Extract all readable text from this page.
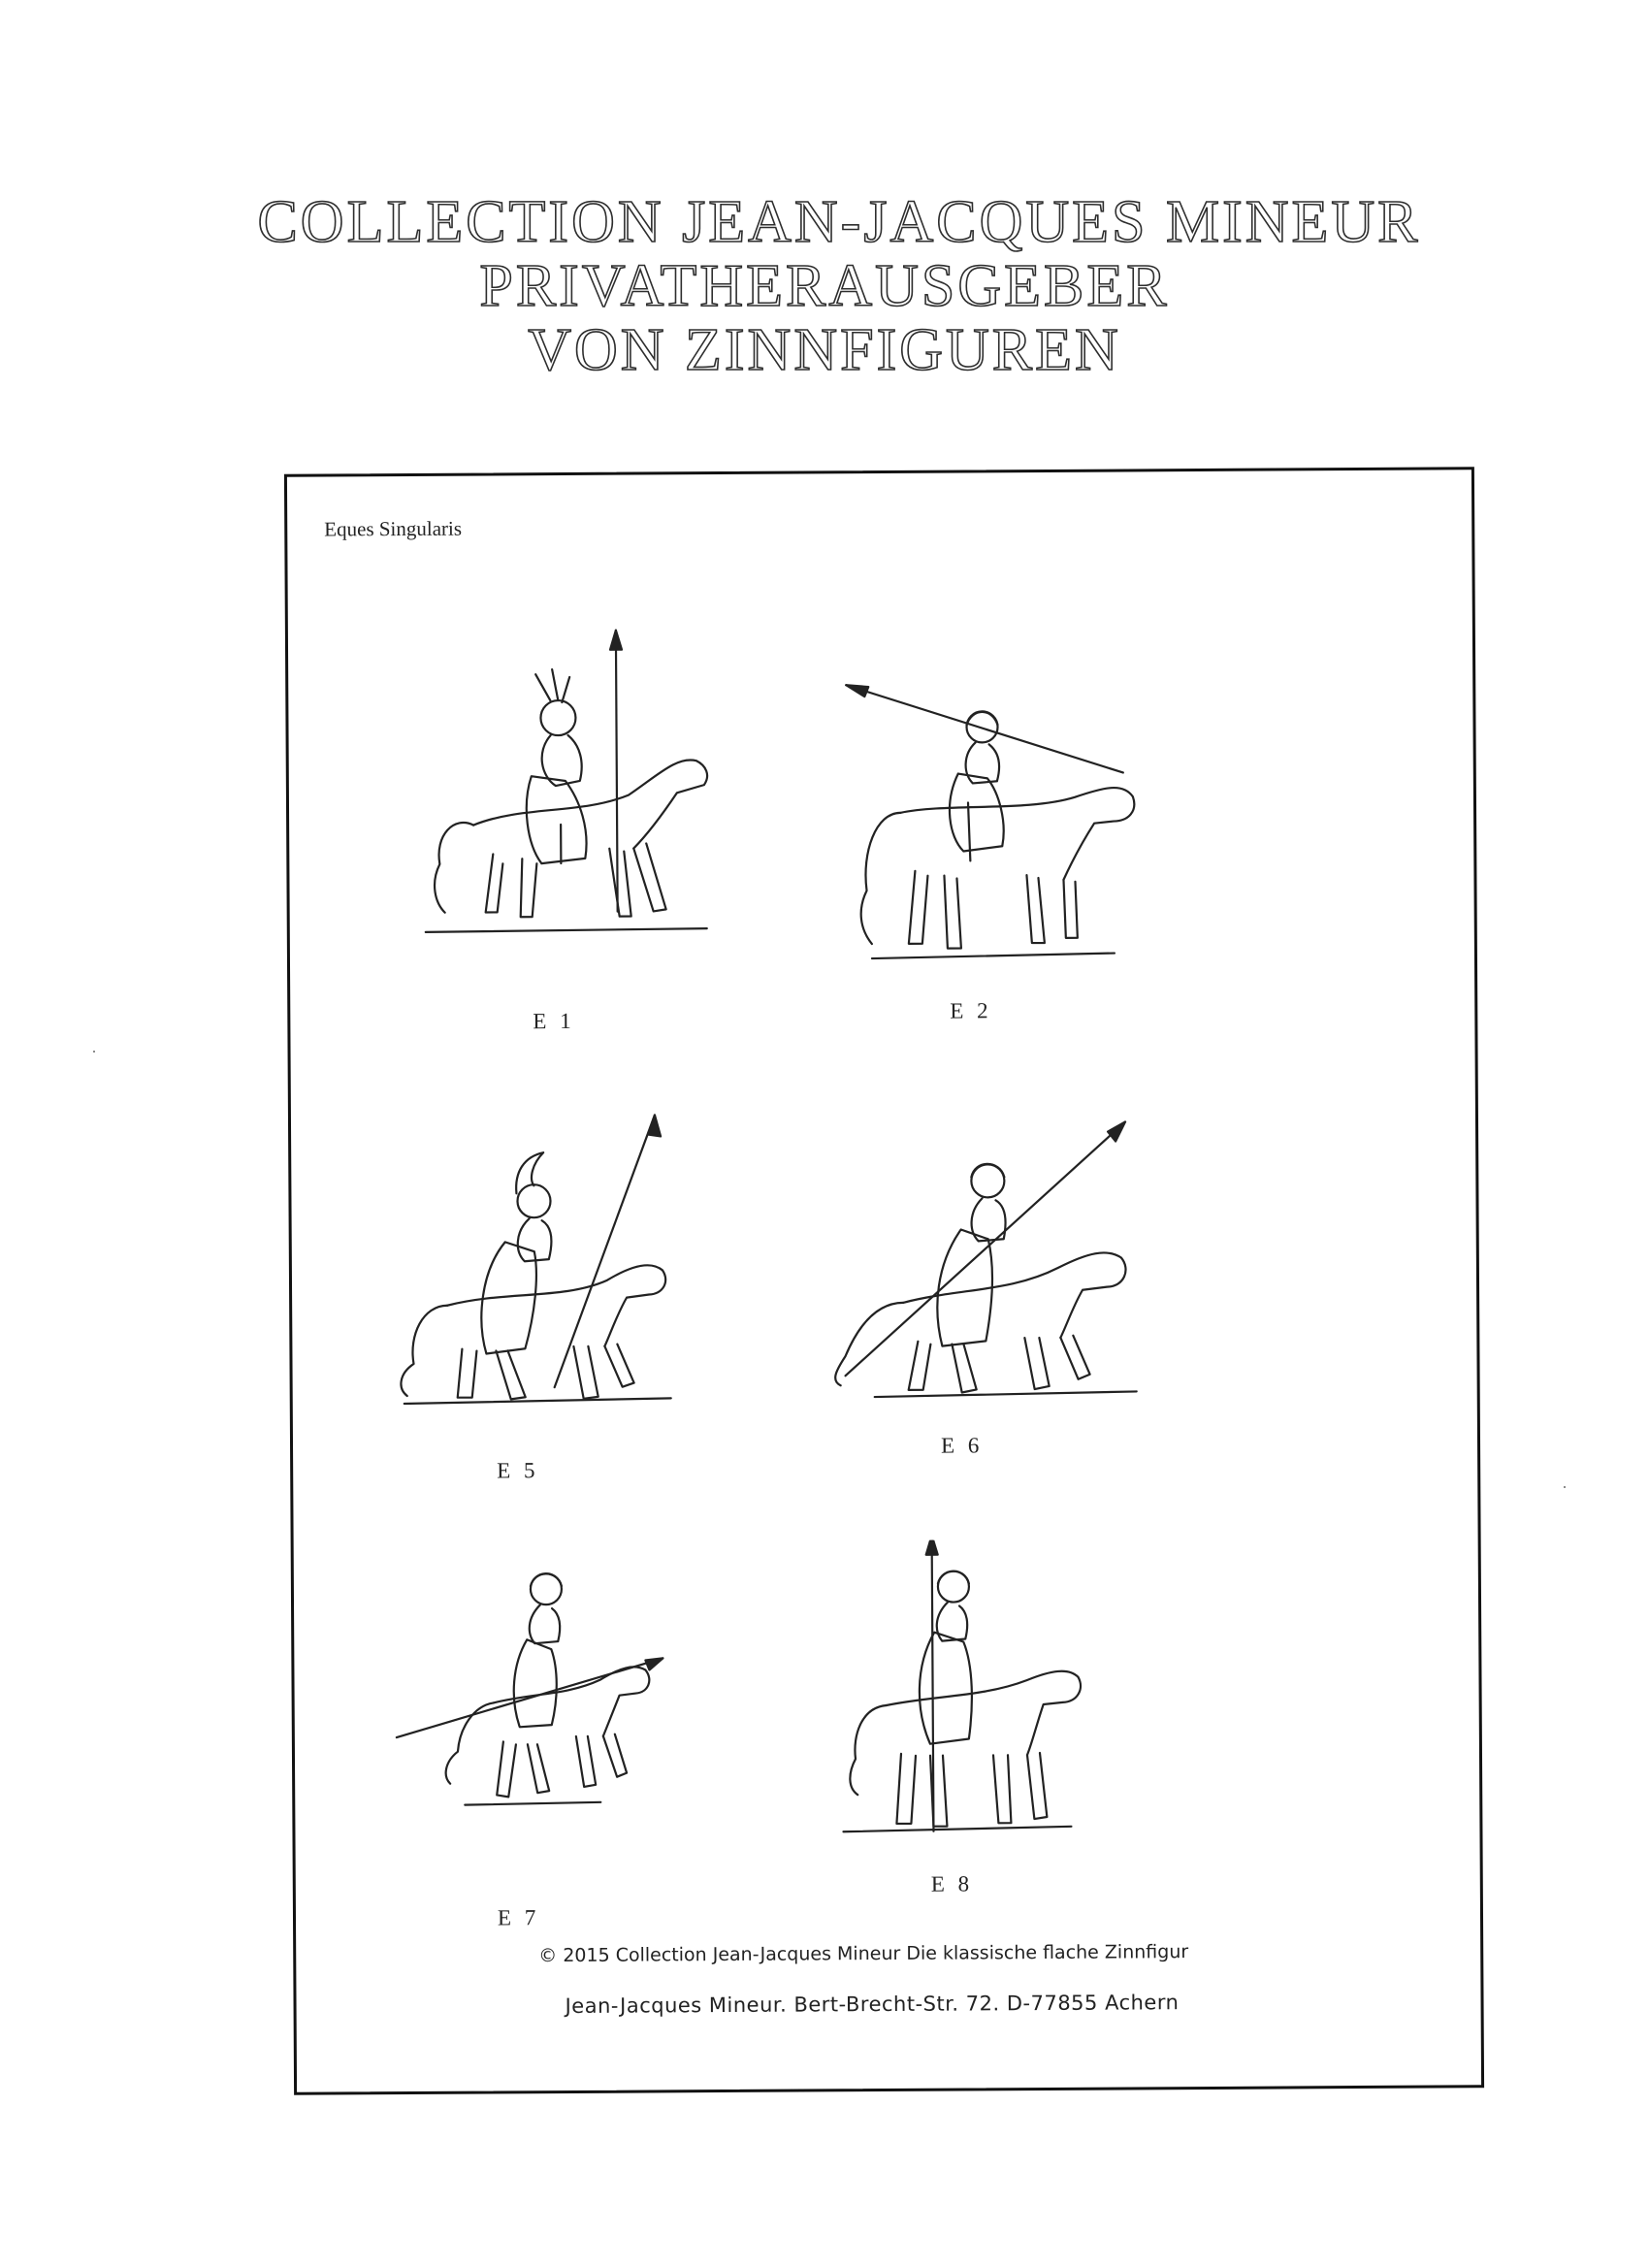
COLLECTION JEAN-JACQUES MINEUR
PRIVATHERAUSGEBER
VON ZINNFIGUREN
Eques Singularis
E 1	E 2
E 5
E 6
E 7
E 8
© 2015 Collection Jean-Jacques Mineur Die klassische flache Zinnfigur
Jean-Jacques Mineur. Bert-Brecht-Str. 72. D-77855 Achern
